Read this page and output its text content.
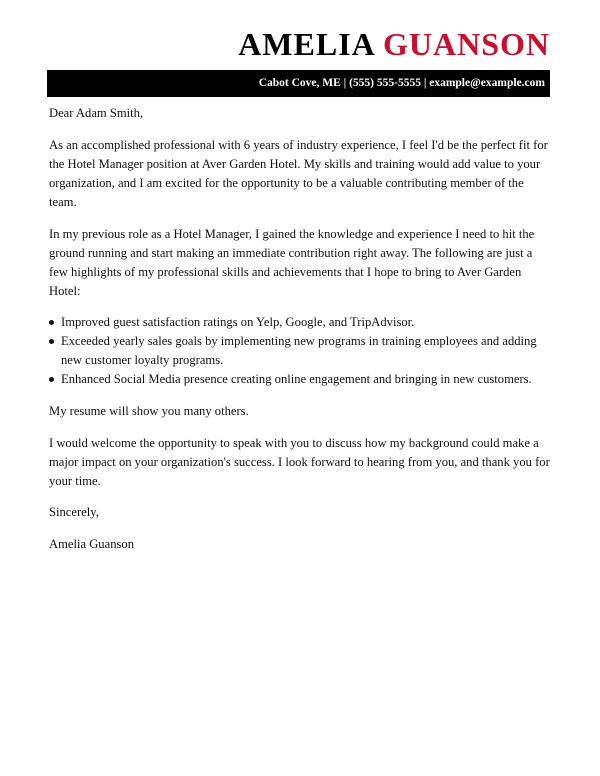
AMELIA GUANSON
Cabot Cove, ME | (555) 555-5555 | example@example.com

Dear Adam Smith,

As an accomplished professional with 6 years of industry experience, I feel I'd be the perfect fit for the Hotel Manager position at Aver Garden Hotel. My skills and training would add value to your organization, and I am excited for the opportunity to be a valuable contributing member of the team.

In my previous role as a Hotel Manager, I gained the knowledge and experience I need to hit the ground running and start making an immediate contribution right away. The following are just a few highlights of my professional skills and achievements that I hope to bring to Aver Garden Hotel:

Improved guest satisfaction ratings on Yelp, Google, and TripAdvisor.
Exceeded yearly sales goals by implementing new programs in training employees and adding new customer loyalty programs.
Enhanced Social Media presence creating online engagement and bringing in new customers.

My resume will show you many others.

I would welcome the opportunity to speak with you to discuss how my background could make a major impact on your organization's success. I look forward to hearing from you, and thank you for your time.

Sincerely,

Amelia Guanson
